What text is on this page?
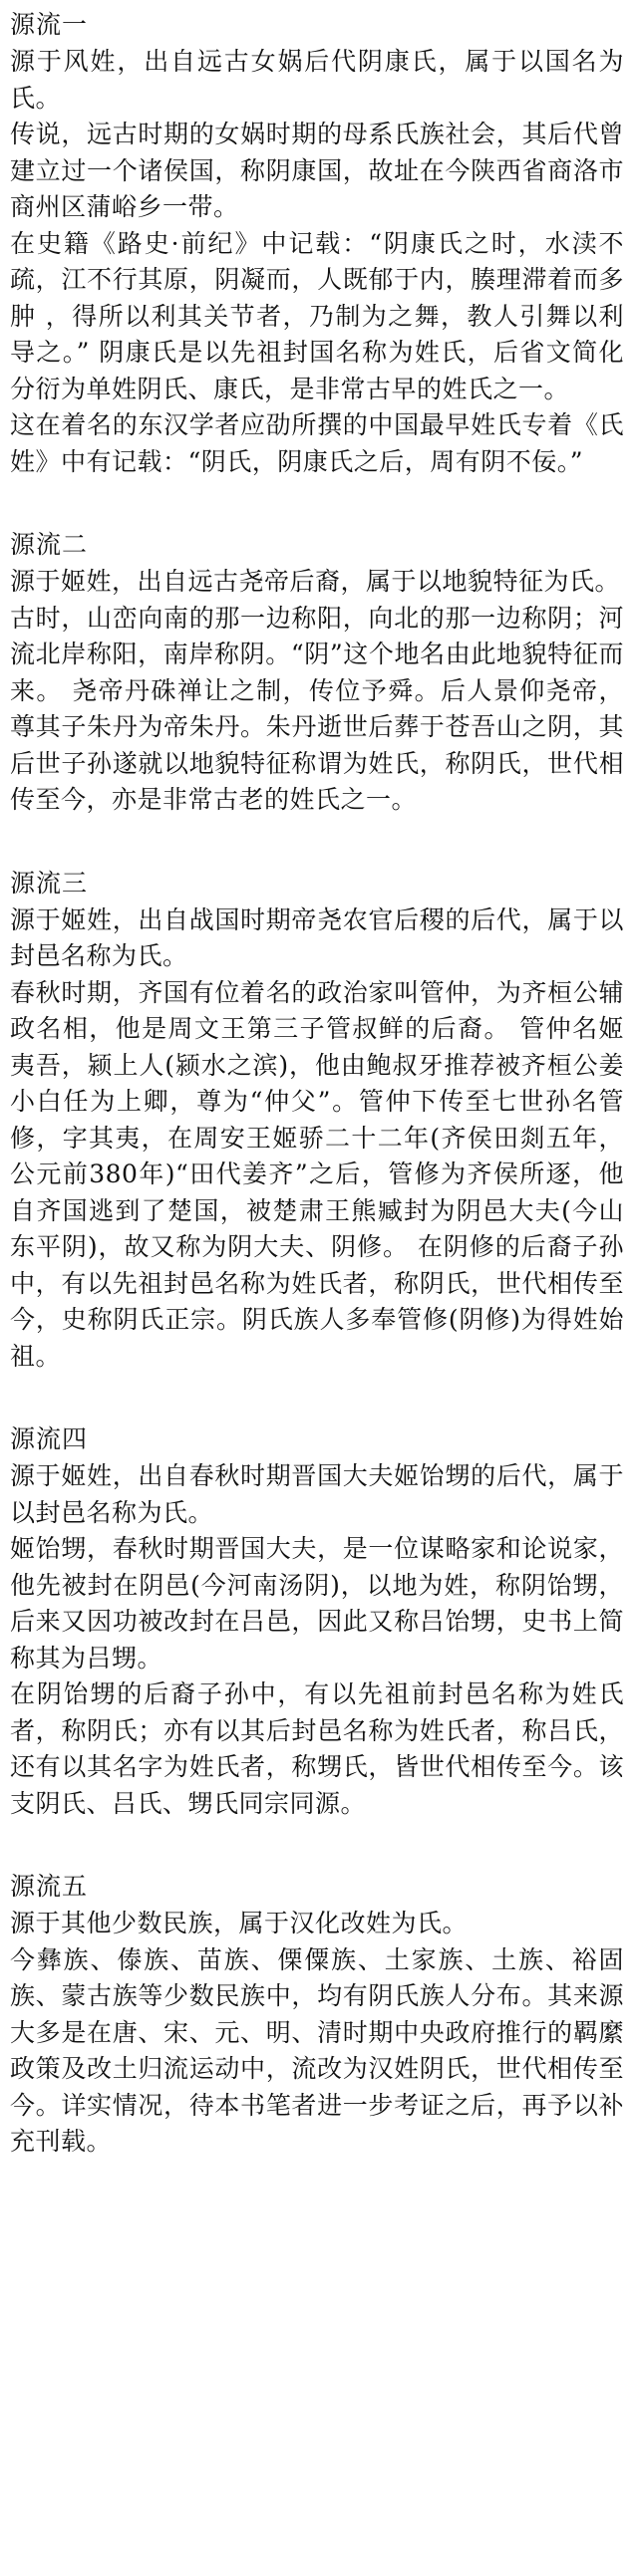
源流一

源于风姓，出自远古女娲后代阴康氏，属于以国名为氏。

传说，远古时期的女娲时期的母系氏族社会，其后代曾建立过一个诸侯国，称阴康国，故址在今陕西省商洛市商州区蒲峪乡一带。

在史籍《路史·前纪》中记载：“阴康氏之时，水渎不疏，江不行其原，阴凝而，人既郁于内，腠理滞着而多肿 ，得所以利其关节者，乃制为之舞，教人引舞以利导之。” 阴康氏是以先祖封国名称为姓氏，后省文简化分衍为单姓阴氏、康氏，是非常古早的姓氏之一。

这在着名的东汉学者应劭所撰的中国最早姓氏专着《氏姓》中有记载：“阴氏，阴康氏之后，周有阴不佞。”

源流二

源于姬姓，出自远古尧帝后裔，属于以地貌特征为氏。

古时，山峦向南的那一边称阳，向北的那一边称阴；河流北岸称阳，南岸称阴。“阴”这个地名由此地貌特征而来。 尧帝丹硃禅让之制，传位予舜。后人景仰尧帝，尊其子朱丹为帝朱丹。朱丹逝世后葬于苍吾山之阴，其后世子孙遂就以地貌特征称谓为姓氏，称阴氏，世代相传至今，亦是非常古老的姓氏之一。

源流三

源于姬姓，出自战国时期帝尧农官后稷的后代，属于以封邑名称为氏。

春秋时期，齐国有位着名的政治家叫管仲，为齐桓公辅政名相，他是周文王第三子管叔鲜的后裔。 管仲名姬夷吾，颍上人(颍水之滨)，他由鲍叔牙推荐被齐桓公姜小白任为上卿，尊为“仲父”。管仲下传至七世孙名管修，字其夷，在周安王姬骄二十二年(齐侯田剡五年，公元前380年)“田代姜齐”之后，管修为齐侯所逐，他自齐国逃到了楚国，被楚肃王熊臧封为阴邑大夫(今山东平阴)，故又称为阴大夫、阴修。 在阴修的后裔子孙中，有以先祖封邑名称为姓氏者，称阴氏，世代相传至今，史称阴氏正宗。阴氏族人多奉管修(阴修)为得姓始祖。

源流四

源于姬姓，出自春秋时期晋国大夫姬饴甥的后代，属于以封邑名称为氏。

姬饴甥，春秋时期晋国大夫，是一位谋略家和论说家，他先被封在阴邑(今河南汤阴)，以地为姓，称阴饴甥，后来又因功被改封在吕邑，因此又称吕饴甥，史书上简称其为吕甥。

在阴饴甥的后裔子孙中，有以先祖前封邑名称为姓氏者，称阴氏；亦有以其后封邑名称为姓氏者，称吕氏，还有以其名字为姓氏者，称甥氏，皆世代相传至今。该支阴氏、吕氏、甥氏同宗同源。

源流五

源于其他少数民族，属于汉化改姓为氏。

今彝族、傣族、苗族、傈僳族、土家族、土族、裕固族、蒙古族等少数民族中，均有阴氏族人分布。其来源大多是在唐、宋、元、明、清时期中央政府推行的羁縻政策及改土归流运动中，流改为汉姓阴氏，世代相传至今。详实情况，待本书笔者进一步考证之后，再予以补充刊载。
